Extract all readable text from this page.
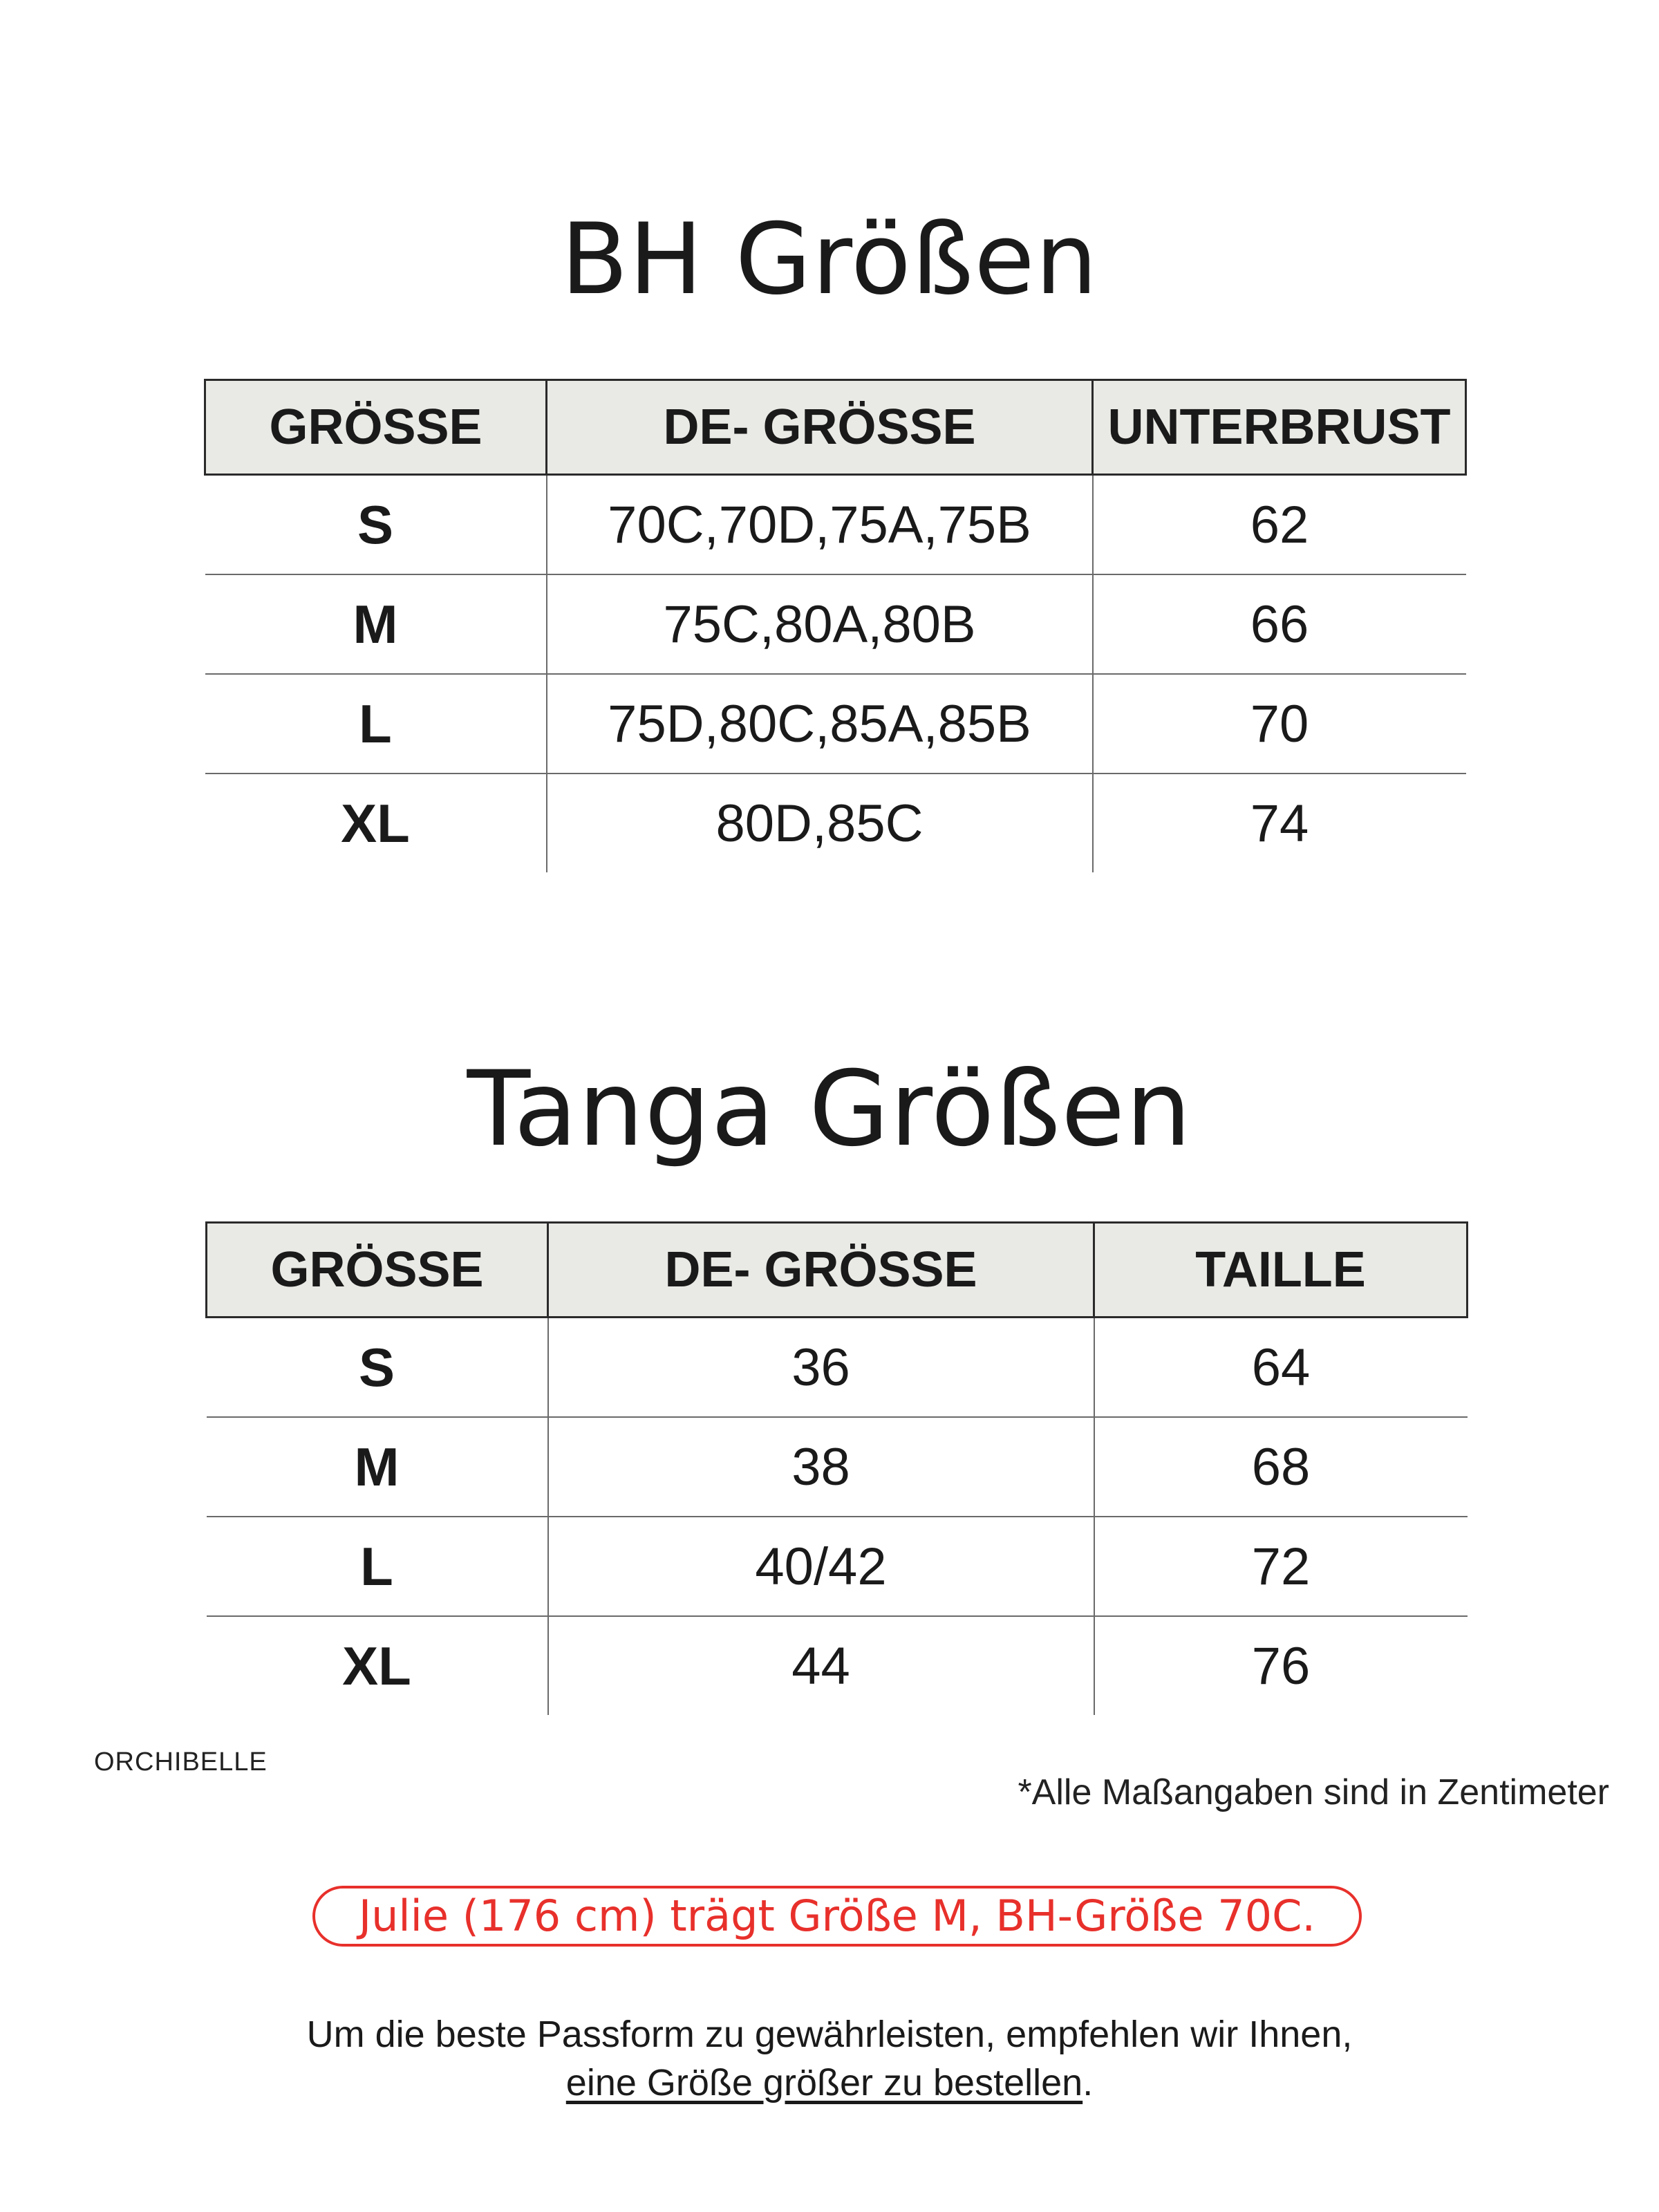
BH Größen
GRÖSSE	DE- GRÖSSE	UNTERBRUST
S	70C,70D,75A,75B	62
M	75C,80A,80B	66
L	75D,80C,85A,85B	70
XL	80D,85C	74
Tanga Größen
GRÖSSE	DE- GRÖSSE	TAILLE
S	36	64
M	38	68
L	40/42	72
XL	44	76
ORCHIBELLE
*Alle Maßangaben sind in Zentimeter
Julie (176 cm) trägt Größe M, BH-Größe 70C.
Um die beste Passform zu gewährleisten, empfehlen wir Ihnen,
eine Größe größer zu bestellen.
